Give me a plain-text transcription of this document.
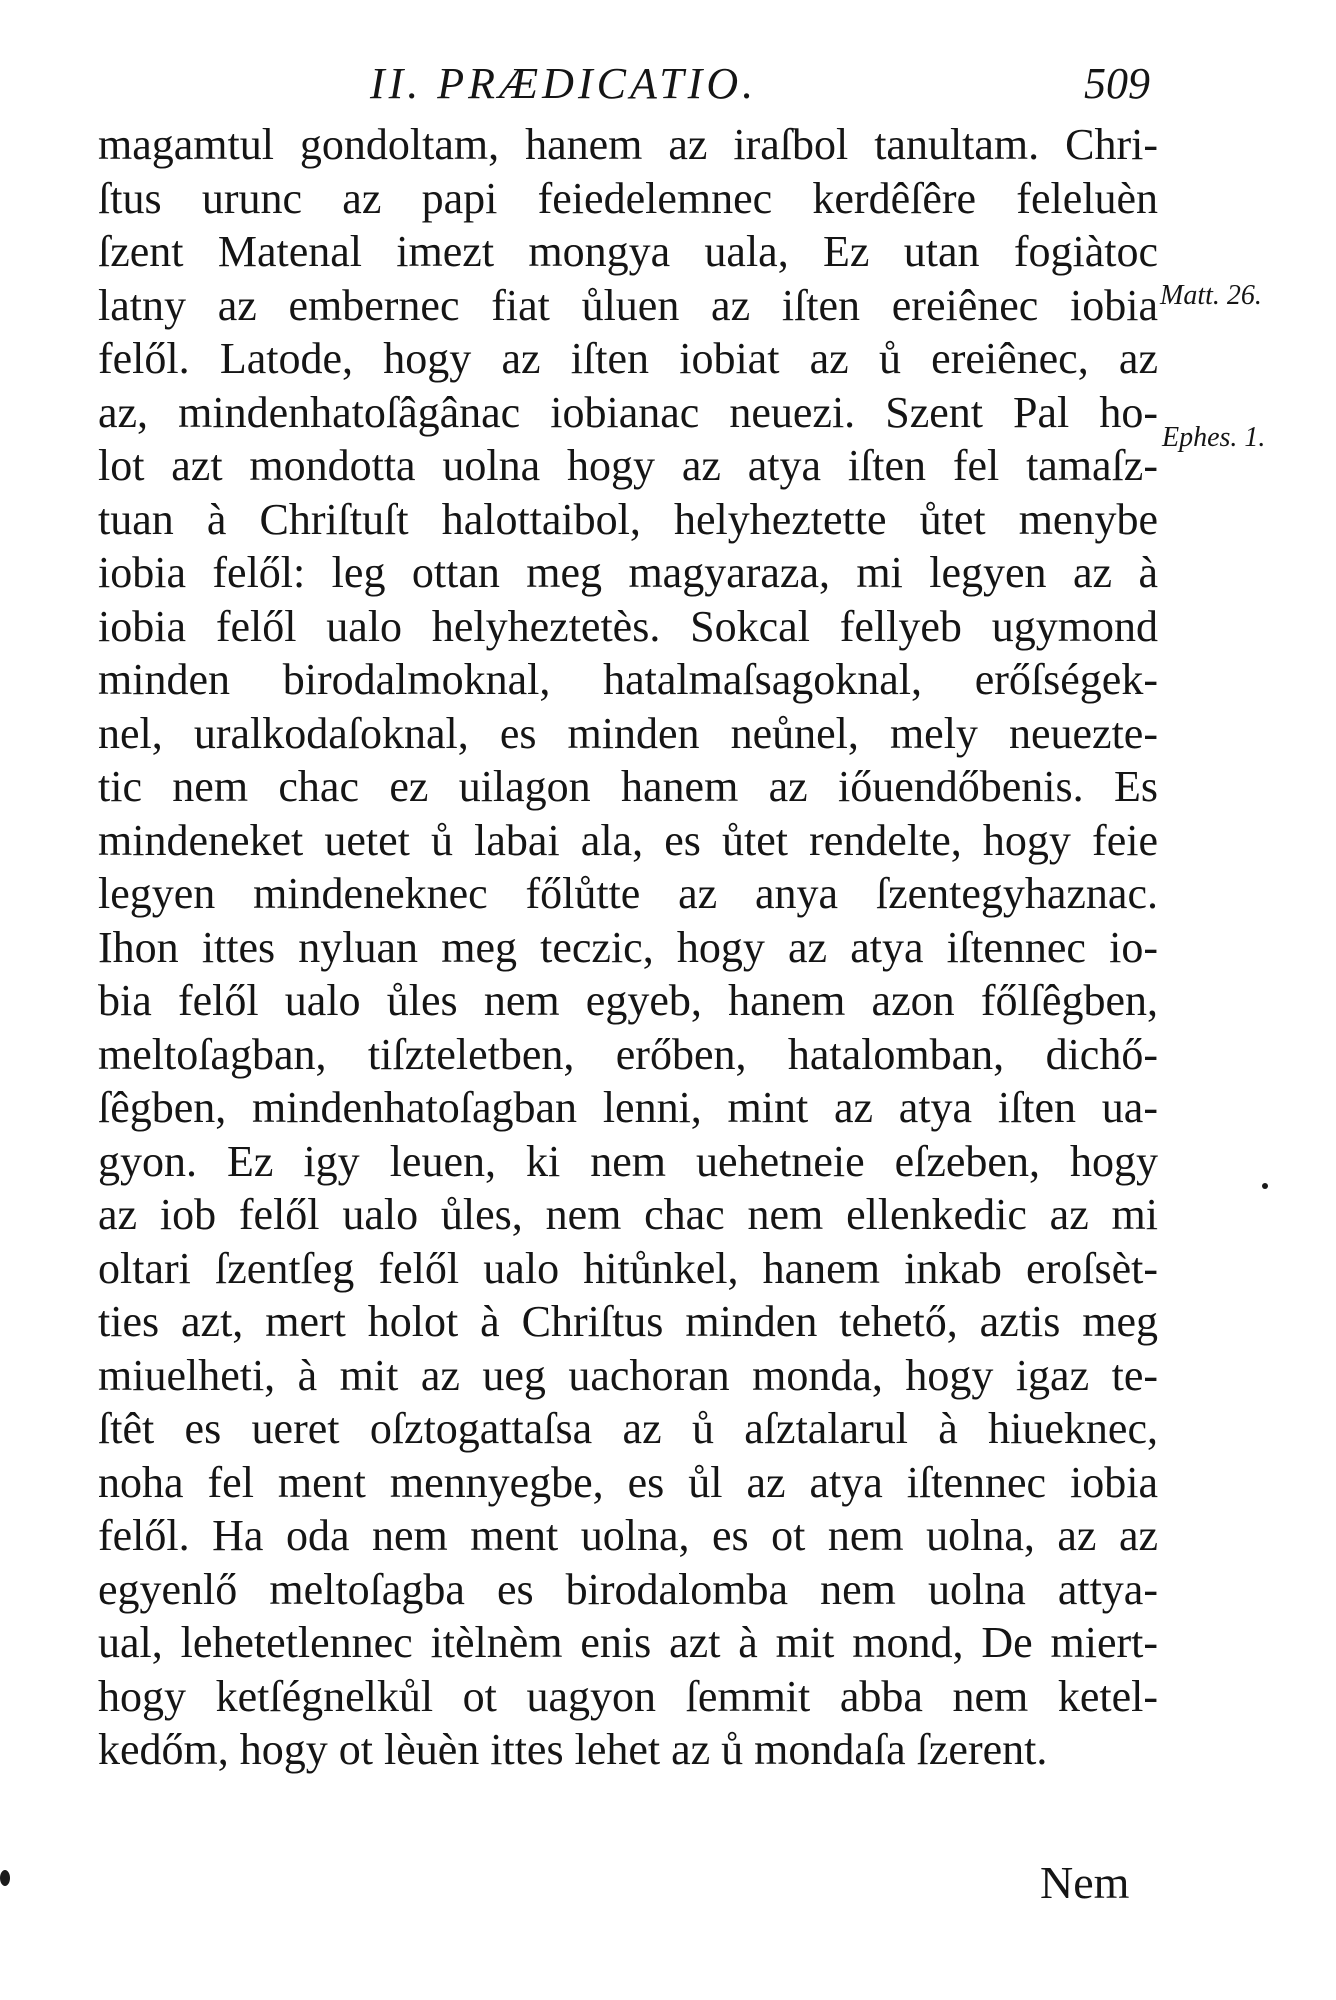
II. PRÆDICATIO.	509
magamtul gondoltam, hanem az iraſbol tanultam. Chri-
ſtus urunc az papi feiedelemnec kerdêſêre feleluèn
ſzent Matenal imezt mongya uala, Ez utan fogiàtoc
latny az embernec fiat ůluen az iſten ereiênec iobia
felől. Latode, hogy az iſten iobiat az ů ereiênec, az
az, mindenhatoſâgânac iobianac neuezi. Szent Pal ho-
lot azt mondotta uolna hogy az atya iſten fel tamaſz-
tuan à Chriſtuſt halottaibol, helyheztette ůtet menybe
iobia felől: leg ottan meg magyaraza, mi legyen az à
iobia felől ualo helyheztetès. Sokcal fellyeb ugymond
minden birodalmoknal, hatalmaſsagoknal, erőſségek-
nel, uralkodaſoknal, es minden neůnel, mely neuezte-
tic nem chac ez uilagon hanem az iőuendőbenis. Es
mindeneket uetet ů labai ala, es ůtet rendelte, hogy feie
legyen mindeneknec főlůtte az anya ſzentegyhaznac.
Ihon ittes nyluan meg teczic, hogy az atya iſtennec io-
bia felől ualo ůles nem egyeb, hanem azon főlſêgben,
meltoſagban, tiſzteletben, erőben, hatalomban, dichő-
ſêgben, mindenhatoſagban lenni, mint az atya iſten ua-
gyon. Ez igy leuen, ki nem uehetneie eſzeben, hogy
az iob felől ualo ůles, nem chac nem ellenkedic az mi
oltari ſzentſeg felől ualo hitůnkel, hanem inkab eroſsèt-
ties azt, mert holot à Chriſtus minden tehető, aztis meg
miuelheti, à mit az ueg uachoran monda, hogy igaz te-
ſtêt es ueret oſztogattaſsa az ů aſztalarul à hiueknec,
noha fel ment mennyegbe, es ůl az atya iſtennec iobia
felől. Ha oda nem ment uolna, es ot nem uolna, az az
egyenlő meltoſagba es birodalomba nem uolna attya-
ual, lehetetlennec itèlnèm enis azt à mit mond, De miert-
hogy ketſégnelkůl ot uagyon ſemmit abba nem ketel-
kedőm, hogy ot lèuèn ittes lehet az ů mondaſa ſzerent.
Matt. 26.
Ephes. 1.
Nem
